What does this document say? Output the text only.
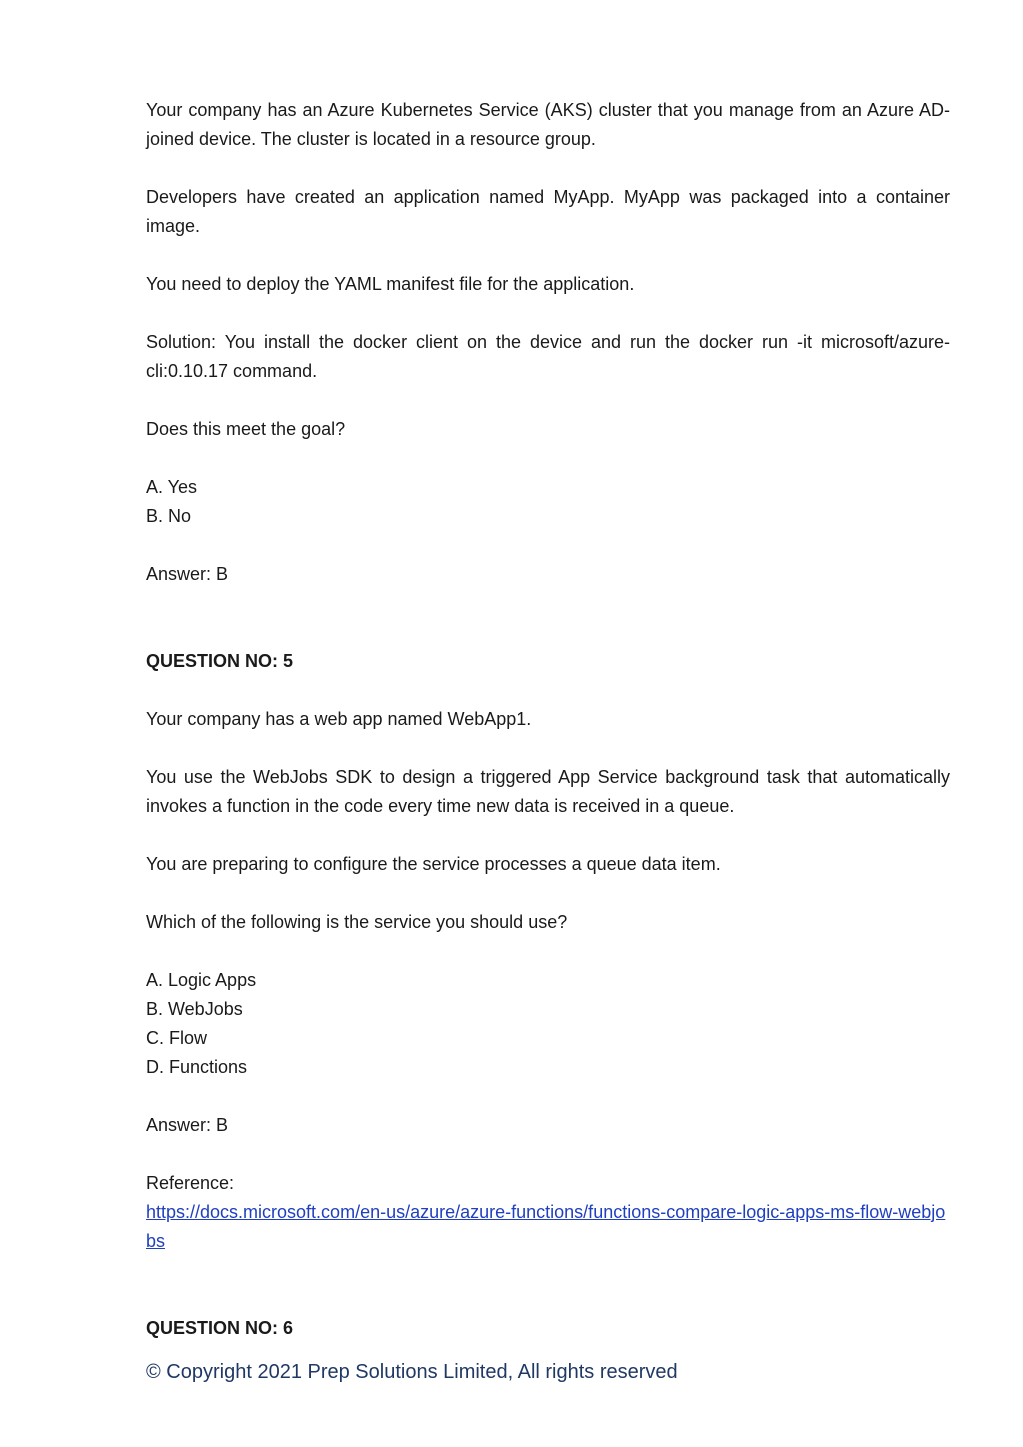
Your company has an Azure Kubernetes Service (AKS) cluster that you manage from an Azure AD-joined device. The cluster is located in a resource group.

Developers have created an application named MyApp. MyApp was packaged into a container image.

You need to deploy the YAML manifest file for the application.

Solution: You install the docker client on the device and run the docker run -it microsoft/azure-cli:0.10.17 command.

Does this meet the goal?

A. Yes
B. No

Answer: B

QUESTION NO: 5

Your company has a web app named WebApp1.

You use the WebJobs SDK to design a triggered App Service background task that automatically invokes a function in the code every time new data is received in a queue.

You are preparing to configure the service processes a queue data item.

Which of the following is the service you should use?

A. Logic Apps
B. WebJobs
C. Flow
D. Functions

Answer: B

Reference:
https://docs.microsoft.com/en-us/azure/azure-functions/functions-compare-logic-apps-ms-flow-webjobs

QUESTION NO: 6

© Copyright 2021 Prep Solutions Limited, All rights reserved
